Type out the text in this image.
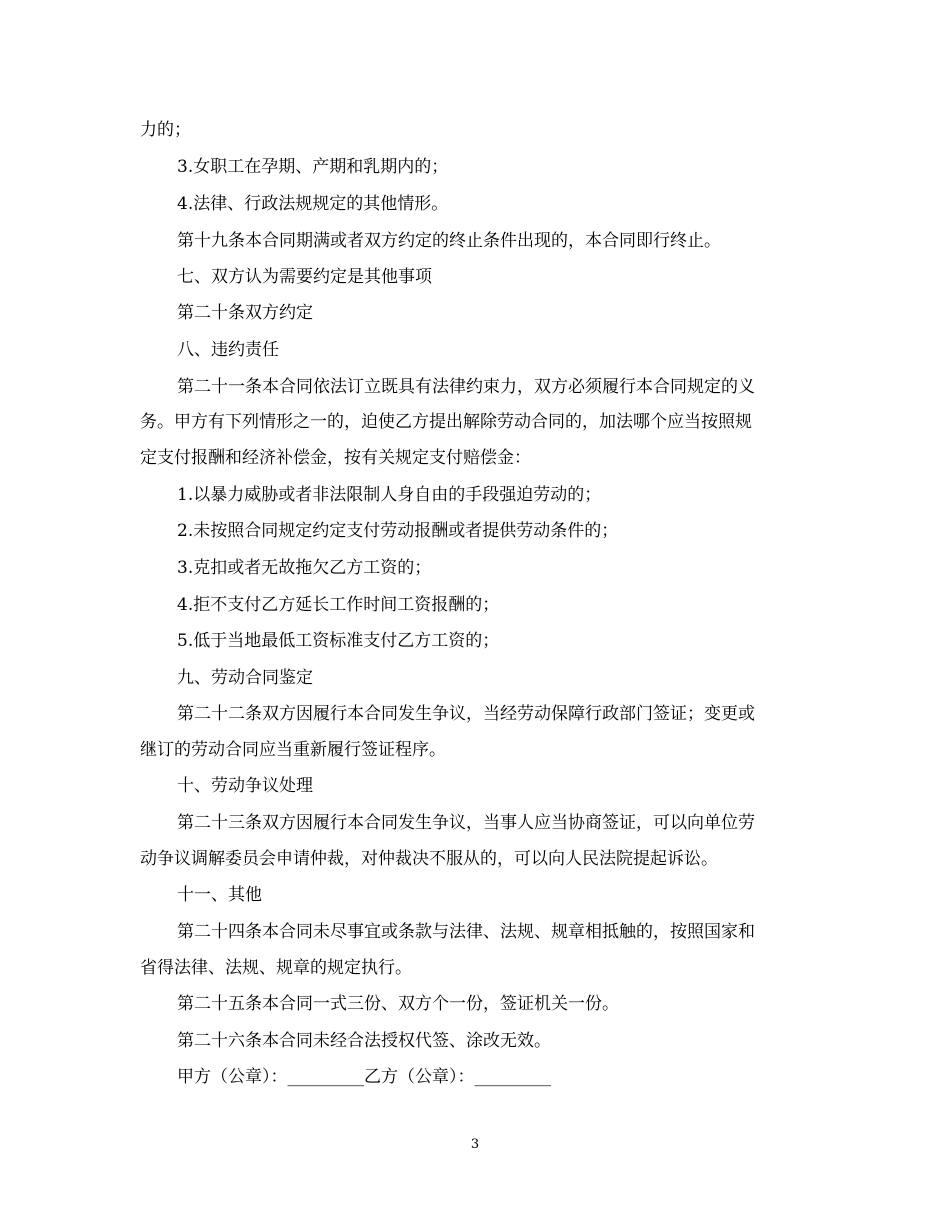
力的；
3.女职工在孕期、产期和乳期内的；
4.法律、行政法规规定的其他情形。
第十九条本合同期满或者双方约定的终止条件出现的，本合同即行终止。
七、双方认为需要约定是其他事项
第二十条双方约定
八、违约责任
第二十一条本合同依法订立既具有法律约束力，双方必须履行本合同规定的义
务。甲方有下列情形之一的，迫使乙方提出解除劳动合同的，加法哪个应当按照规
定支付报酬和经济补偿金，按有关规定支付赔偿金：
1.以暴力威胁或者非法限制人身自由的手段强迫劳动的；
2.未按照合同规定约定支付劳动报酬或者提供劳动条件的；
3.克扣或者无故拖欠乙方工资的；
4.拒不支付乙方延长工作时间工资报酬的；
5.低于当地最低工资标准支付乙方工资的；
九、劳动合同鉴定
第二十二条双方因履行本合同发生争议，当经劳动保障行政部门签证；变更或
继订的劳动合同应当重新履行签证程序。
十、劳动争议处理
第二十三条双方因履行本合同发生争议，当事人应当协商签证，可以向单位劳
动争议调解委员会申请仲裁，对仲裁决不服从的，可以向人民法院提起诉讼。
十一、其他
第二十四条本合同未尽事宜或条款与法律、法规、规章相抵触的，按照国家和
省得法律、法规、规章的规定执行。
第二十五条本合同一式三份、双方个一份，签证机关一份。
第二十六条本合同未经合法授权代签、涂改无效。
甲方（公章）：_________乙方（公章）：_________
3
